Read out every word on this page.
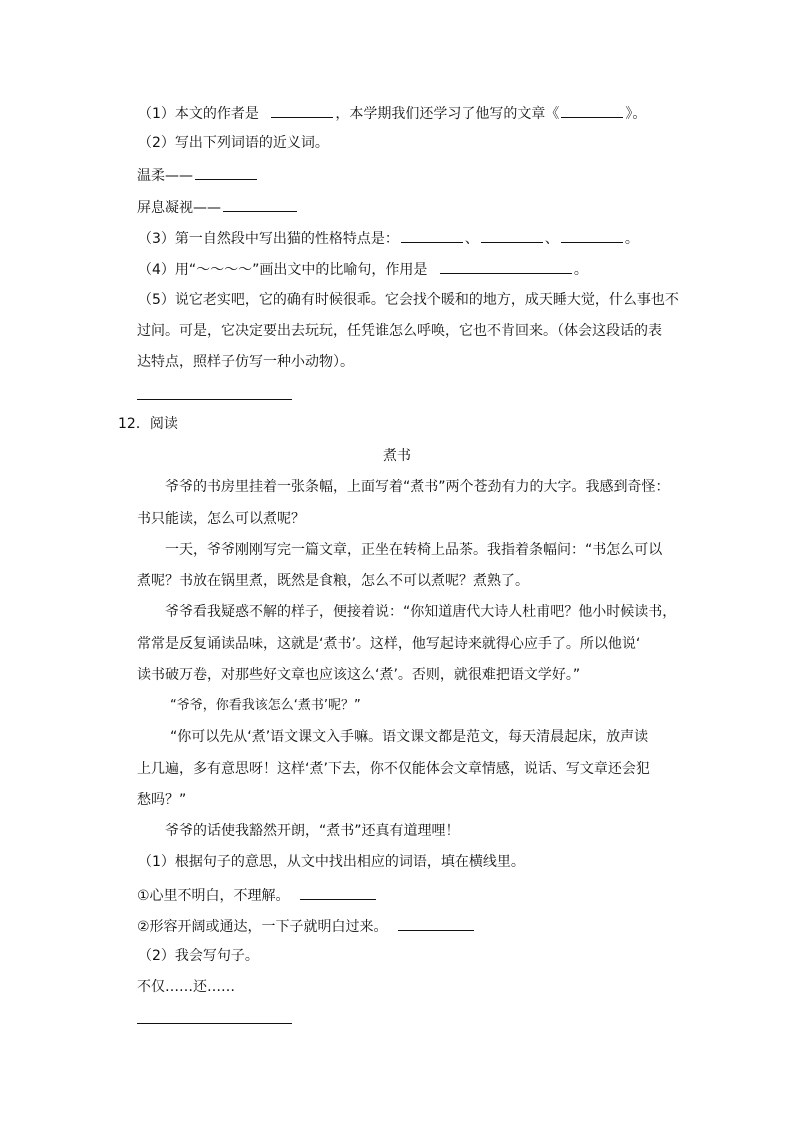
（1）本文的作者是	，本学期我们还学习了他写的文章《	》。
（2）写出下列词语的近义词。
温柔——
屏息凝视——
（3）第一自然段中写出猫的性格特点是：	、	、	。
（4）用“～～～～”画出文中的比喻句，作用是	。
（5）说它老实吧，它的确有时候很乖。它会找个暖和的地方，成天睡大觉，什么事也不
过问。可是，它决定要出去玩玩，任凭谁怎么呼唤，它也不肯回来。（体会这段话的表
达特点，照样子仿写一种小动物）。
12．阅读
煮书
爷爷的书房里挂着一张条幅，上面写着“煮书”两个苍劲有力的大字。我感到奇怪：
书只能读，怎么可以煮呢？
一天，爷爷刚刚写完一篇文章，正坐在转椅上品茶。我指着条幅问：“书怎么可以
煮呢？书放在锅里煮，既然是食粮，怎么不可以煮呢？煮熟了。
爷爷看我疑惑不解的样子，便接着说：“你知道唐代大诗人杜甫吧？他小时候读书，
常常是反复诵读品味，这就是‘煮书’。这样，他写起诗来就得心应手了。所以他说‘
读书破万卷，对那些好文章也应该这么‘煮’。否则，就很难把语文学好。”
“爷爷，你看我该怎么‘煮书’呢？”
“你可以先从‘煮’语文课文入手嘛。语文课文都是范文，每天清晨起床，放声读
上几遍，多有意思呀！这样‘煮’下去，你不仅能体会文章情感，说话、写文章还会犯
愁吗？”
爷爷的话使我豁然开朗，“煮书”还真有道理哩！
（1）根据句子的意思，从文中找出相应的词语，填在横线里。
①心里不明白，不理解。
②形容开阔或通达，一下子就明白过来。
（2）我会写句子。
不仅……还……
